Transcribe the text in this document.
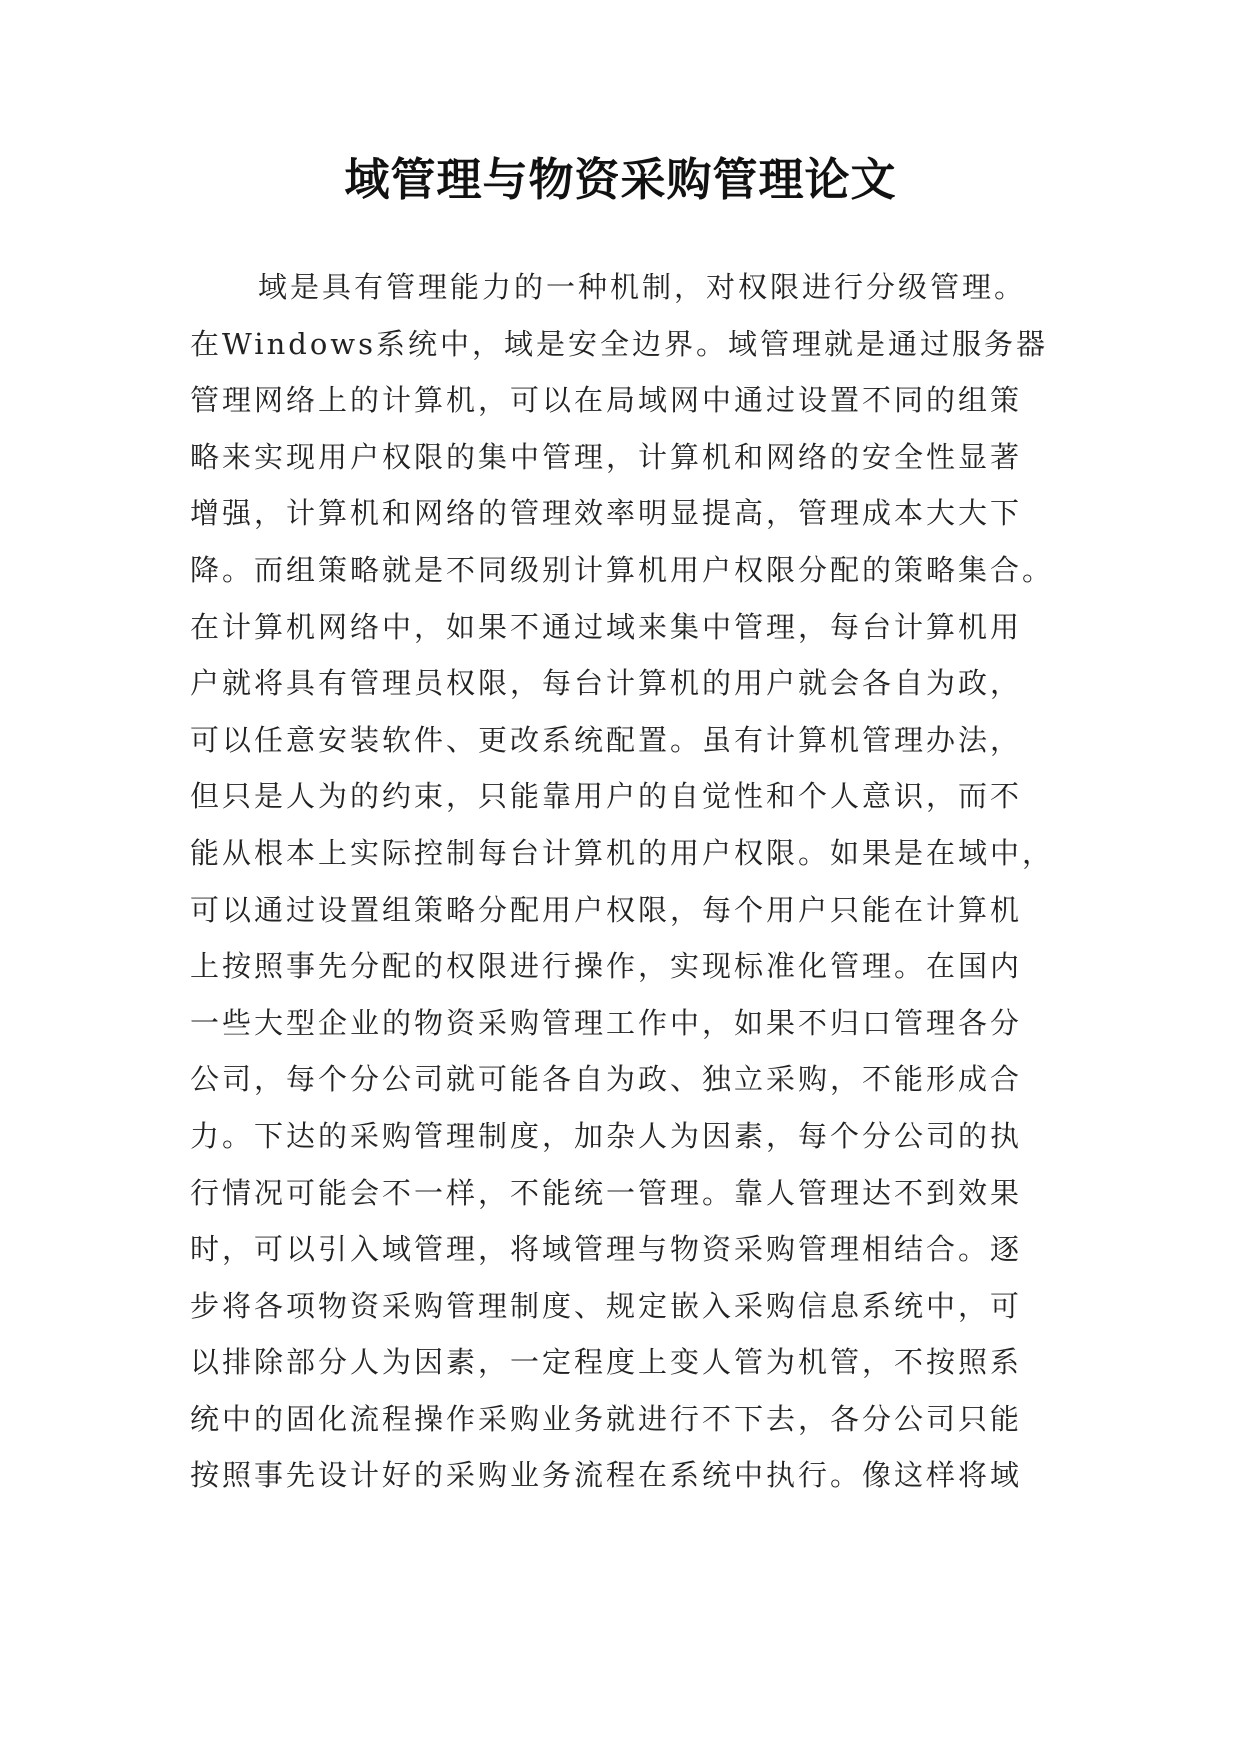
域管理与物资采购管理论文
域是具有管理能力的一种机制，对权限进行分级管理。
在Windows系统中，域是安全边界。域管理就是通过服务器
管理网络上的计算机，可以在局域网中通过设置不同的组策
略来实现用户权限的集中管理，计算机和网络的安全性显著
增强，计算机和网络的管理效率明显提高，管理成本大大下
降。而组策略就是不同级别计算机用户权限分配的策略集合。
在计算机网络中，如果不通过域来集中管理，每台计算机用
户就将具有管理员权限，每台计算机的用户就会各自为政，
可以任意安装软件、更改系统配置。虽有计算机管理办法，
但只是人为的约束，只能靠用户的自觉性和个人意识，而不
能从根本上实际控制每台计算机的用户权限。如果是在域中，
可以通过设置组策略分配用户权限，每个用户只能在计算机
上按照事先分配的权限进行操作，实现标准化管理。在国内
一些大型企业的物资采购管理工作中，如果不归口管理各分
公司，每个分公司就可能各自为政、独立采购，不能形成合
力。下达的采购管理制度，加杂人为因素，每个分公司的执
行情况可能会不一样，不能统一管理。靠人管理达不到效果
时，可以引入域管理，将域管理与物资采购管理相结合。逐
步将各项物资采购管理制度、规定嵌入采购信息系统中，可
以排除部分人为因素，一定程度上变人管为机管，不按照系
统中的固化流程操作采购业务就进行不下去，各分公司只能
按照事先设计好的采购业务流程在系统中执行。像这样将域
